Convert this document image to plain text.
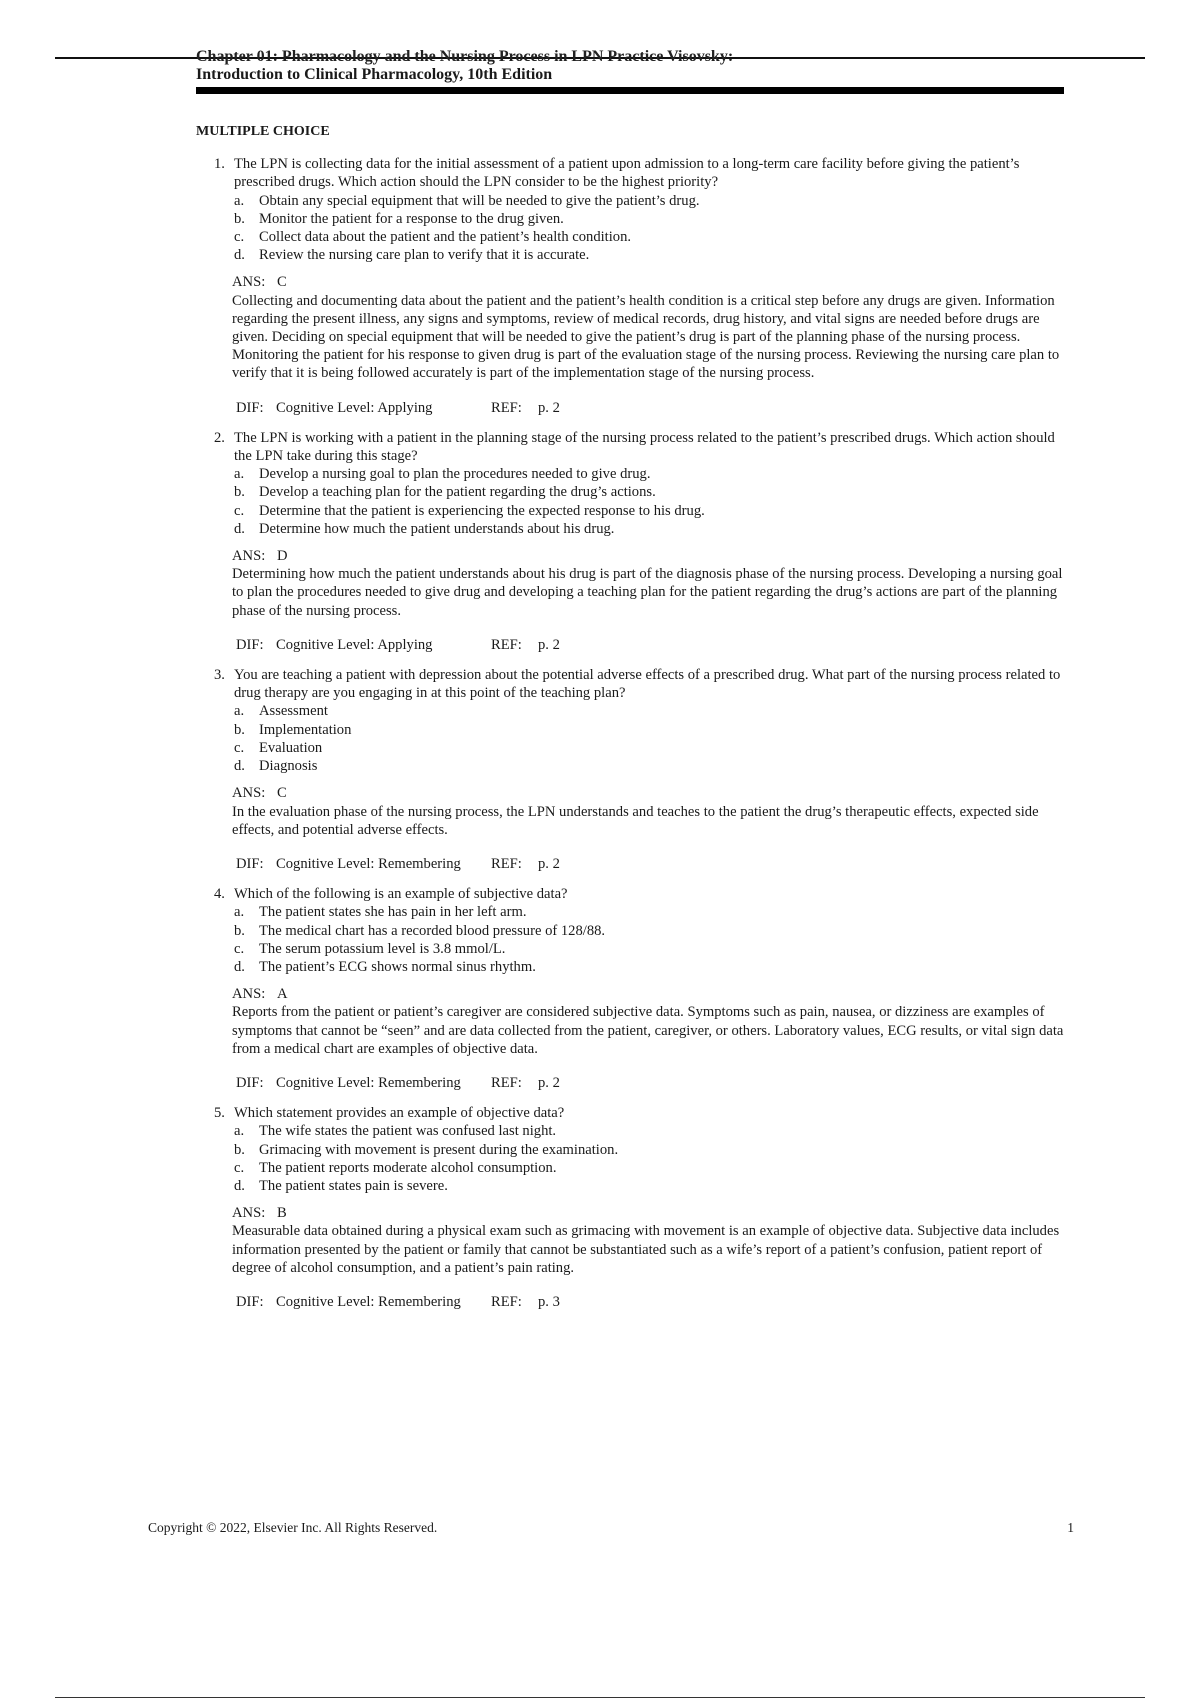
Chapter 01: Pharmacology and the Nursing Process in LPN Practice Visovsky:
Introduction to Clinical Pharmacology, 10th Edition
MULTIPLE CHOICE
1. The LPN is collecting data for the initial assessment of a patient upon admission to a long-term care facility before giving the patient’s prescribed drugs. Which action should the LPN consider to be the highest priority?
a.	Obtain any special equipment that will be needed to give the patient’s drug.
b. Monitor the patient for a response to the drug given.
c.	Collect data about the patient and the patient’s health condition.
d. Review the nursing care plan to verify that it is accurate.
ANS: C
Collecting and documenting data about the patient and the patient’s health condition is a critical step before any drugs are given. Information regarding the present illness, any signs and symptoms, review of medical records, drug history, and vital signs are needed before drugs are given. Deciding on special equipment that will be needed to give the patient’s drug is part of the planning phase of the nursing process. Monitoring the patient for his response to given drug is part of the evaluation stage of the nursing process. Reviewing the nursing care plan to verify that it is being followed accurately is part of the implementation stage of the nursing process.
DIF: Cognitive Level: Applying	REF:	p. 2
2. The LPN is working with a patient in the planning stage of the nursing process related to the patient’s prescribed drugs. Which action should the LPN take during this stage?
a.	Develop a nursing goal to plan the procedures needed to give drug.
b. Develop a teaching plan for the patient regarding the drug’s actions.
c.	Determine that the patient is experiencing the expected response to his drug.
d. Determine how much the patient understands about his drug.
ANS: D
Determining how much the patient understands about his drug is part of the diagnosis phase of the nursing process. Developing a nursing goal to plan the procedures needed to give drug and developing a teaching plan for the patient regarding the drug’s actions are part of the planning phase of the nursing process.
DIF: Cognitive Level: Applying	REF:	p. 2
3. You are teaching a patient with depression about the potential adverse effects of a prescribed drug. What part of the nursing process related to drug therapy are you engaging in at this point of the teaching plan?
a.	Assessment
b. Implementation
c.	Evaluation
d. Diagnosis
ANS: C
In the evaluation phase of the nursing process, the LPN understands and teaches to the patient the drug’s therapeutic effects, expected side effects, and potential adverse effects.
DIF: Cognitive Level: Remembering	REF:	p. 2
4. Which of the following is an example of subjective data?
a.	The patient states she has pain in her left arm.
b. The medical chart has a recorded blood pressure of 128/88.
c.	The serum potassium level is 3.8 mmol/L.
d. The patient’s ECG shows normal sinus rhythm.
ANS: A
Reports from the patient or patient’s caregiver are considered subjective data. Symptoms such as pain, nausea, or dizziness are examples of symptoms that cannot be “seen” and are data collected from the patient, caregiver, or others. Laboratory values, ECG results, or vital sign data from a medical chart are examples of objective data.
DIF: Cognitive Level: Remembering	REF:	p. 2
5. Which statement provides an example of objective data?
a.	The wife states the patient was confused last night.
b. Grimacing with movement is present during the examination.
c.	The patient reports moderate alcohol consumption.
d. The patient states pain is severe.
ANS: B
Measurable data obtained during a physical exam such as grimacing with movement is an example of objective data. Subjective data includes information presented by the patient or family that cannot be substantiated such as a wife’s report of a patient’s confusion, patient report of degree of alcohol consumption, and a patient’s pain rating.
DIF: Cognitive Level: Remembering	REF:	p. 3
Copyright © 2022, Elsevier Inc. All Rights Reserved.	1
